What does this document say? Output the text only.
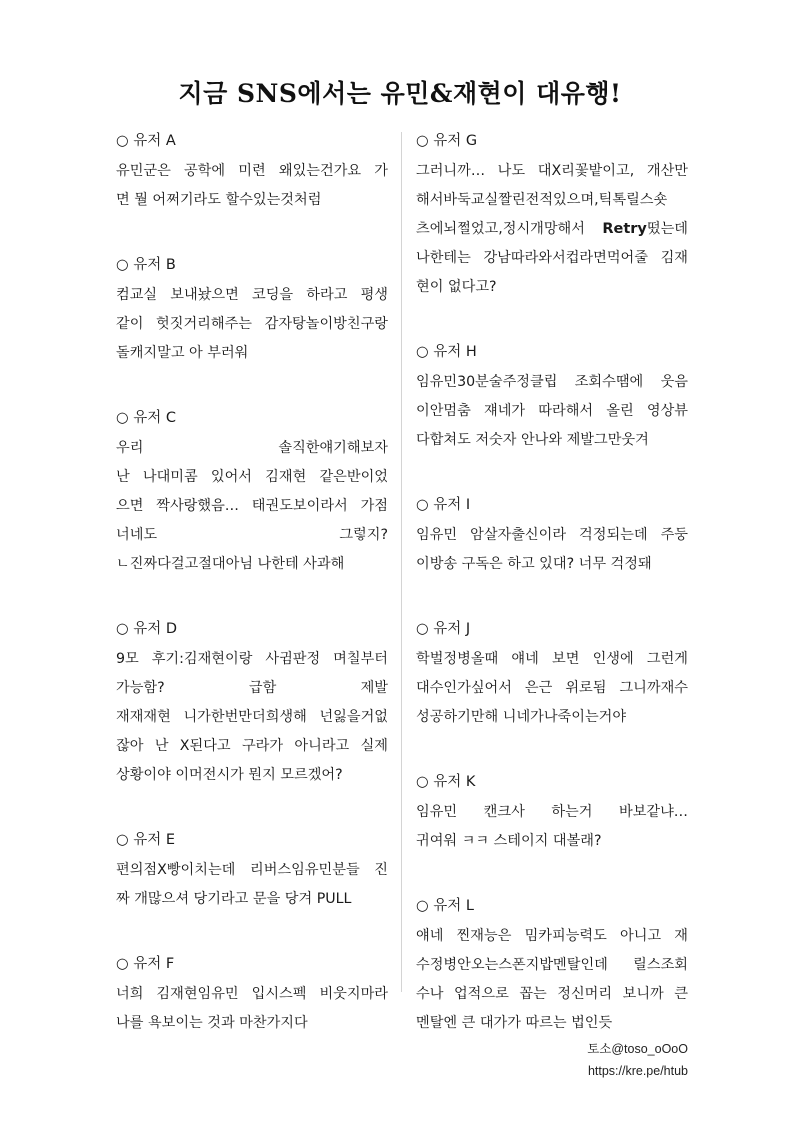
지금 SNS에서는 유민&재현이 대유행!
○ 유저 A
유민군은 공학에 미련 왜있는건가요 가
면 뭘 어쩌기라도 할수있는것처럼
○ 유저 B
컴교실 보내놨으면 코딩을 하라고 평생
같이 헛짓거리해주는 감자탕놀이방친구랑
돌캐지말고 아 부러워
○ 유저 C
우리 솔직한얘기해보자
난 나대미콤 있어서 김재현 같은반이었
으면 짝사랑했음… 태권도보이라서 가점
너네도 그렇지?
ㄴ진짜다걸고절대아님 나한테 사과해
○ 유저 D
9모 후기:김재현이랑 사귐판정 며칠부터
가능함? 급함 제발
재재재현 니가한번만더희생해 넌잃을거없
잖아 난 X된다고 구라가 아니라고 실제
상황이야 이머전시가 뭔지 모르겠어?
○ 유저 E
편의점X빵이치는데 리버스임유민분들 진
짜 개많으셔 당기라고 문을 당겨 PULL
○ 유저 F
너희 김재현임유민 입시스펙 비웃지마라
나를 욕보이는 것과 마찬가지다
○ 유저 G
그러니까… 나도 대X리꽃밭이고, 개산만
해서바둑교실짤린전적있으며,틱톡릴스숏
츠에뇌쩔었고,정시개망해서 Retry떴는데
나한테는 강남따라와서컵라면먹어줄 김재
현이 없다고?
○ 유저 H
임유민30분술주정클립 조회수땜에 웃음
이안멈춤 쟤네가 따라해서 올린 영상뷰
다합쳐도 저숫자 안나와 제발그만웃겨
○ 유저 I
임유민 암살자출신이라 걱정되는데 주둥
이방송 구독은 하고 있대? 너무 걱정돼
○ 유저 J
학벌정병올때 얘네 보면 인생에 그런게
대수인가싶어서 은근 위로됨 그니까재수
성공하기만해 니네가나죽이는거야
○ 유저 K
임유민 캔크사 하는거 바보같냐…
귀여워 ㅋㅋ 스테이지 대볼래?
○ 유저 L
얘네 찐재능은 밈카피능력도 아니고 재
수정병안오는스폰지밥멘탈인데 릴스조회
수나 업적으로 꼽는 정신머리 보니까 큰
멘탈엔 큰 대가가 따르는 법인듯
토소@toso_oOoO
https://kre.pe/htub
